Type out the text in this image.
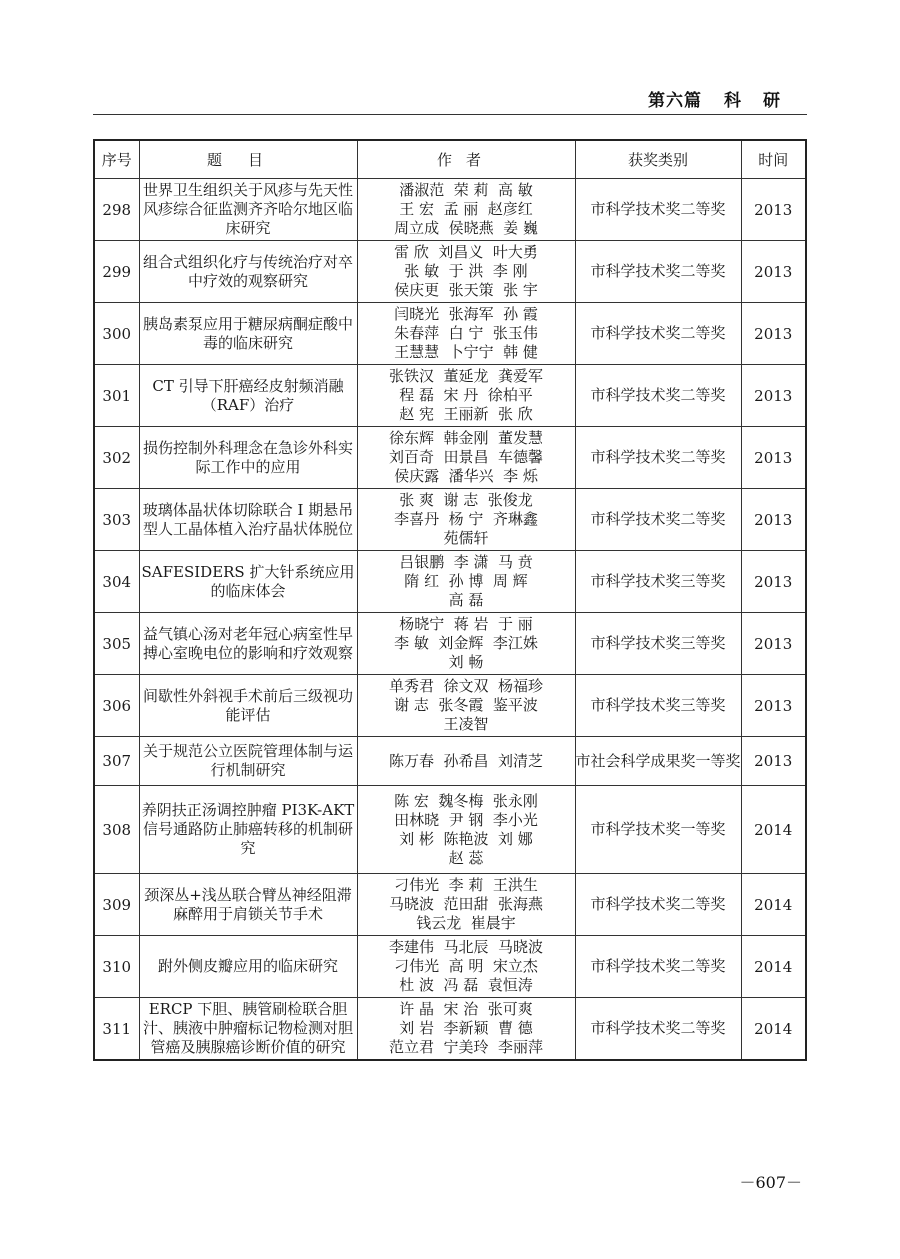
第六篇 科研
序号	题目	作者	获奖类别	时间
298	世界卫生组织关于风疹与先天性风疹综合征监测齐齐哈尔地区临床研究	潘淑范  荣 莉  高 敏
王 宏  孟 丽  赵彦红
周立成  侯晓燕  姜 巍	市科学技术奖二等奖	2013
299	组合式组织化疗与传统治疗对卒中疗效的观察研究	雷 欣  刘昌义  叶大勇
张 敏  于 洪  李 刚
侯庆更  张天策  张 宇	市科学技术奖二等奖	2013
300	胰岛素泵应用于糖尿病酮症酸中毒的临床研究	闫晓光  张海军  孙 霞
朱春萍  白 宁  张玉伟
王慧慧  卜宁宁  韩 健	市科学技术奖二等奖	2013
301	CT 引导下肝癌经皮射频消融（RAF）治疗	张铁汉  董延龙  龚爱军
程 磊  宋 丹  徐柏平
赵 宪  王丽新  张 欣	市科学技术奖二等奖	2013
302	损伤控制外科理念在急诊外科实际工作中的应用	徐东辉  韩金刚  董发慧
刘百奇  田景昌  车德馨
侯庆露  潘华兴  李 烁	市科学技术奖二等奖	2013
303	玻璃体晶状体切除联合 I 期悬吊型人工晶体植入治疗晶状体脱位	张 爽  谢 志  张俊龙
李喜丹  杨 宁  齐琳鑫
苑儒轩	市科学技术奖二等奖	2013
304	SAFESIDERS 扩大针系统应用的临床体会	吕银鹏  李 潇  马 贲
隋 红  孙 博  周 辉
高 磊	市科学技术奖三等奖	2013
305	益气镇心汤对老年冠心病室性早搏心室晚电位的影响和疗效观察	杨晓宁  蒋 岩  于 丽
李 敏  刘金辉  李江姝
刘 畅	市科学技术奖三等奖	2013
306	间歇性外斜视手术前后三级视功能评估	单秀君  徐文双  杨福珍
谢 志  张冬霞  鉴平波
王凌智	市科学技术奖三等奖	2013
307	关于规范公立医院管理体制与运行机制研究	陈万春  孙希昌  刘清芝	市社会科学成果奖一等奖	2013
308	养阴扶正汤调控肿瘤 PI3K-AKT 信号通路防止肺癌转移的机制研究	陈 宏  魏冬梅  张永刚
田林晓  尹 钢  李小光
刘 彬  陈艳波  刘 娜
赵 蕊	市科学技术奖一等奖	2014
309	颈深丛+浅丛联合臂丛神经阻滞麻醉用于肩锁关节手术	刁伟光  李 莉  王洪生
马晓波  范田甜  张海燕
钱云龙  崔晨宇	市科学技术奖二等奖	2014
310	跗外侧皮瓣应用的临床研究	李建伟  马北辰  马晓波
刁伟光  高 明  宋立杰
杜 波  冯 磊  袁恒涛	市科学技术奖二等奖	2014
311	ERCP 下胆、胰管刷检联合胆汁、胰液中肿瘤标记物检测对胆管癌及胰腺癌诊断价值的研究	许 晶  宋 治  张可爽
刘 岩  李新颖  曹 德
范立君  宁美玲  李丽萍	市科学技术奖二等奖	2014
－607－
